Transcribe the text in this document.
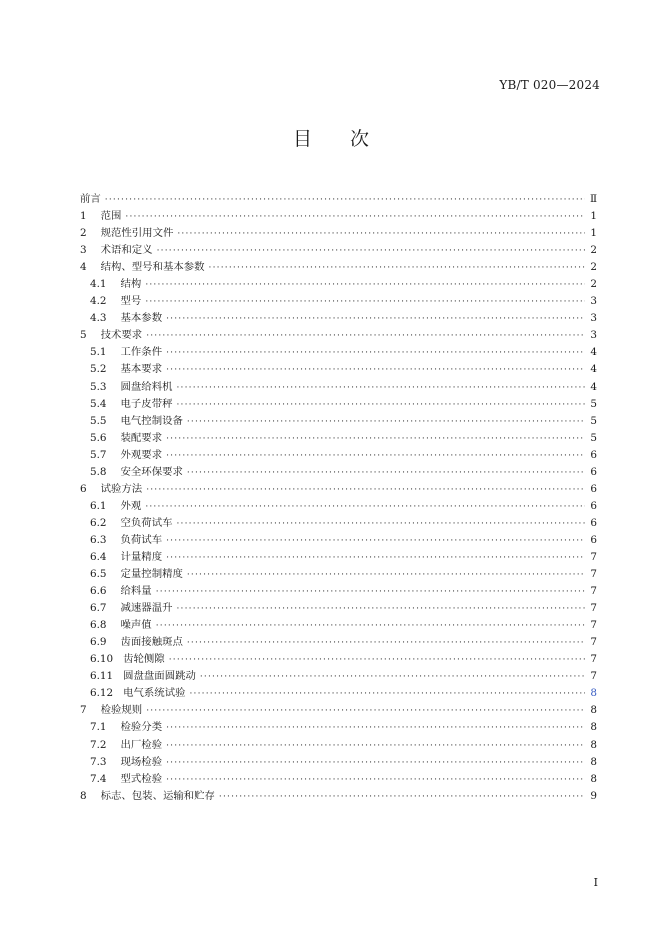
YB/T 020—2024
目　　次
前言 ·····	Ⅱ
1 范围 ·····	1
2 规范性引用文件 ·····	1
3 术语和定义 ·····	2
4 结构、型号和基本参数 ·····	2
4.1 结构 ·····	2
4.2 型号 ·····	3
4.3 基本参数 ·····	3
5 技术要求 ·····	3
5.1 工作条件 ·····	4
5.2 基本要求 ·····	4
5.3 圆盘给料机 ·····	4
5.4 电子皮带秤 ·····	5
5.5 电气控制设备 ·····	5
5.6 装配要求 ·····	5
5.7 外观要求 ·····	6
5.8 安全环保要求 ·····	6
6 试验方法 ·····	6
6.1 外观 ·····	6
6.2 空负荷试车 ·····	6
6.3 负荷试车 ·····	6
6.4 计量精度 ·····	7
6.5 定量控制精度 ·····	7
6.6 给料量 ·····	7
6.7 减速器温升 ·····	7
6.8 噪声值 ·····	7
6.9 齿面接触斑点 ·····	7
6.10 齿轮侧隙 ·····	7
6.11 圆盘盘面圆跳动 ·····	7
6.12 电气系统试验 ·····	8
7 检验规则 ·····	8
7.1 检验分类 ·····	8
7.2 出厂检验 ·····	8
7.3 现场检验 ·····	8
7.4 型式检验 ·····	8
8 标志、包装、运输和贮存 ·····	9
I
